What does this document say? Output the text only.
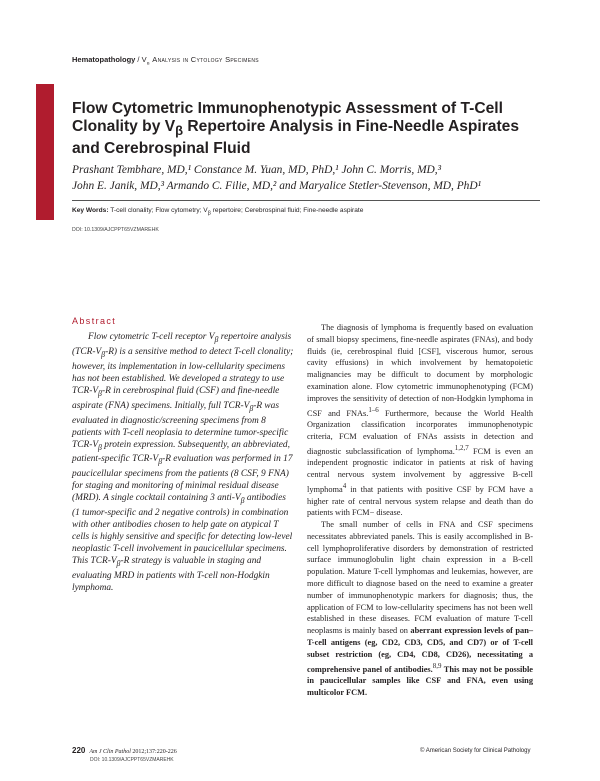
Hematopathology / $V_\beta$ Analysis in Cytology Specimens
Flow Cytometric Immunophenotypic Assessment of T-Cell Clonality by $V_\beta$ Repertoire Analysis in Fine-Needle Aspirates and Cerebrospinal Fluid
Prashant Tembhare, MD,¹ Constance M. Yuan, MD, PhD,¹ John C. Morris, MD,³
John E. Janik, MD,³ Armando C. Filie, MD,² and Maryalice Stetler-Stevenson, MD, PhD¹
Key Words: T-cell clonality; Flow cytometry; $V_\beta$ repertoire; Cerebrospinal fluid; Fine-needle aspirate
DOI: 10.1309/AJCPPT65VZMAREHK
Abstract

Flow cytometric T-cell receptor $V_\beta$ repertoire analysis $(TCR-V_\beta-R)$ is a sensitive method to detect T-cell clonality; however, its implementation in low-cellularity specimens has not been established. We developed a strategy to use TCR-$V_\beta-R$ in cerebrospinal fluid (CSF) and fine-needle aspirate (FNA) specimens. Initially, full TCR-$V_\beta-R$ was evaluated in diagnostic/screening specimens from 8 patients with T-cell neoplasia to determine tumor-specific TCR-$V_\beta$ protein expression. Subsequently, an abbreviated, patient-specific TCR-$V_\beta-R$ evaluation was performed in 17 paucicellular specimens from the patients (8 CSF, 9 FNA) for staging and monitoring of minimal residual disease (MRD). A single cocktail containing 3 anti-$V_\beta$ antibodies (1 tumor-specific and 2 negative controls) in combination with other antibodies chosen to help gate on atypical T cells is highly sensitive and specific for detecting low-level neoplastic T-cell involvement in paucicellular specimens. This TCR-$V_\beta-R$ strategy is valuable in staging and evaluating MRD in patients with T-cell non-Hodgkin lymphoma.

The diagnosis of lymphoma is frequently based on evaluation of small biopsy specimens, fine-needle aspirates (FNAs), and body fluids (ie, cerebrospinal fluid [CSF], viscerous humor, serous cavity effusions) in which involvement by hematopoietic malignancies may be difficult to document by morphologic examination alone. Flow cytometric immunophenotyping (FCM) improves the sensitivity of detection of non-Hodgkin lymphoma in CSF and FNAs.$^{1-6}$ Furthermore, because the World Health Organization classification incorporates immunophenotypic criteria, FCM evaluation of FNAs assists in detection and diagnostic subclassification of lymphoma.$^{1,2,7}$ FCM is even an independent prognostic indicator in patients at risk of having central nervous system involvement by aggressive B-cell lymphoma$^4$ in that patients with positive CSF by FCM have a higher rate of central nervous system relapse and death than do patients with FCM− disease.

The small number of cells in FNA and CSF specimens necessitates abbreviated panels. This is easily accomplished in B-cell lymphoproliferative disorders by demonstration of restricted surface immunoglobulin light chain expression in a B-cell population. Mature T-cell lymphomas and leukemias, however, are more difficult to diagnose based on the need to examine a greater number of immunophenotypic markers for diagnosis; thus, the application of FCM to low-cellularity specimens has not been well established in these diseases. FCM evaluation of mature T-cell neoplasms is mainly based on aberrant expression levels of pan–T-cell antigens (eg, CD2, CD3, CD5, and CD7) or of T-cell subset restriction (eg, CD4, CD8, CD26), necessitating a comprehensive panel of antibodies.$^{8,9}$ This may not be possible in paucicellular samples like CSF and FNA, even using multicolor FCM.

220 Am J Clin Pathol 2012;137:220-226
DOI: 10.1309/AJCPPT65VZMAREHK
© American Society for Clinical Pathology
